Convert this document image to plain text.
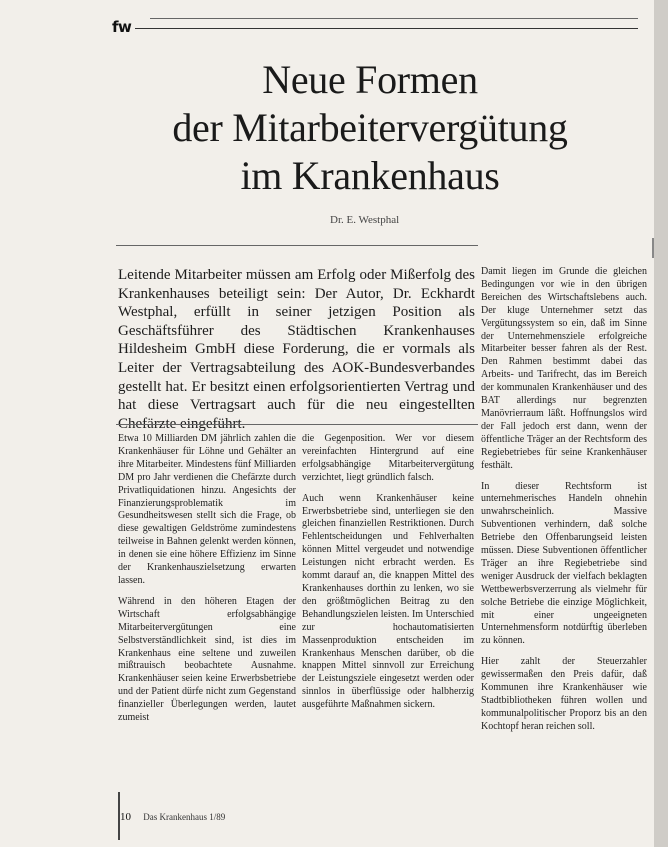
fw
Neue Formen
der Mitarbeitervergütung
im Krankenhaus
Dr. E. Westphal

Leitende Mitarbeiter müssen am Erfolg oder Mißerfolg des Krankenhauses beteiligt sein: Der Autor, Dr. Eckhardt Westphal, erfüllt in seiner jetzigen Position als Geschäftsführer des Städtischen Krankenhauses Hildesheim GmbH diese Forderung, die er vormals als Leiter der Vertragsabteilung des AOK-Bundesverbandes gestellt hat. Er besitzt einen erfolgsorientierten Vertrag und hat diese Vertragsart auch für die neu eingestellten Chefärzte eingeführt.

Etwa 10 Milliarden DM jährlich zahlen die Krankenhäuser für Löhne und Gehälter an ihre Mitarbeiter. Mindestens fünf Milliarden DM pro Jahr verdienen die Chefärzte durch Privatliquidationen hinzu. Angesichts der Finanzierungsproblematik im Gesundheitswesen stellt sich die Frage, ob diese gewaltigen Geldströme zumindestens teilweise in Bahnen gelenkt werden können, in denen sie eine höhere Effizienz im Sinne der Krankenhauszielsetzung erwarten lassen.

Während in den höheren Etagen der Wirtschaft erfolgsabhängige Mitarbeitervergütungen eine Selbstverständlichkeit sind, ist dies im Krankenhaus eine seltene und zuweilen mißtrauisch beobachtete Ausnahme. Krankenhäuser seien keine Erwerbsbetriebe und der Patient dürfe nicht zum Gegenstand finanzieller Überlegungen werden, lautet zumeist

die Gegenposition. Wer vor diesem vereinfachten Hintergrund auf eine erfolgsabhängige Mitarbeitervergütung verzichtet, liegt gründlich falsch.

Auch wenn Krankenhäuser keine Erwerbsbetriebe sind, unterliegen sie den gleichen finanziellen Restriktionen. Durch Fehlentscheidungen und Fehlverhalten können Mittel vergeudet und notwendige Leistungen nicht erbracht werden. Es kommt darauf an, die knappen Mittel des Krankenhauses dorthin zu lenken, wo sie den größtmöglichen Beitrag zu den Behandlungszielen leisten. Im Unterschied zur hochautomatisierten Massenproduktion entscheiden im Krankenhaus Menschen darüber, ob die knappen Mittel sinnvoll zur Erreichung der Leistungsziele eingesetzt werden oder sinnlos in überflüssige oder halbherzig ausgeführte Maßnahmen sickern.

Damit liegen im Grunde die gleichen Bedingungen vor wie in den übrigen Bereichen des Wirtschaftslebens auch. Der kluge Unternehmer setzt das Vergütungssystem so ein, daß im Sinne der Unternehmensziele erfolgreiche Mitarbeiter besser fahren als der Rest. Den Rahmen bestimmt dabei das Arbeits- und Tarifrecht, das im Bereich der kommunalen Krankenhäuser und des BAT allerdings nur begrenzten Manövrierraum läßt. Hoffnungslos wird der Fall jedoch erst dann, wenn der öffentliche Träger an der Rechtsform des Regiebetriebes für seine Krankenhäuser festhält.

In dieser Rechtsform ist unternehmerisches Handeln ohnehin unwahrscheinlich. Massive Subventionen verhindern, daß solche Betriebe den Offenbarungseid leisten müssen. Diese Subventionen öffentlicher Träger an ihre Regiebetriebe sind weniger Ausdruck der vielfach beklagten Wettbewerbsverzerrung als vielmehr für solche Betriebe die einzige Möglichkeit, mit einer ungeeigneten Unternehmensform notdürftig überleben zu können.

Hier zahlt der Steuerzahler gewissermaßen den Preis dafür, daß Kommunen ihre Krankenhäuser wie Stadtbibliotheken führen wollen und kommunalpolitischer Proporz bis an den Kochtopf heran reichen soll.

10 Das Krankenhaus 1/89
